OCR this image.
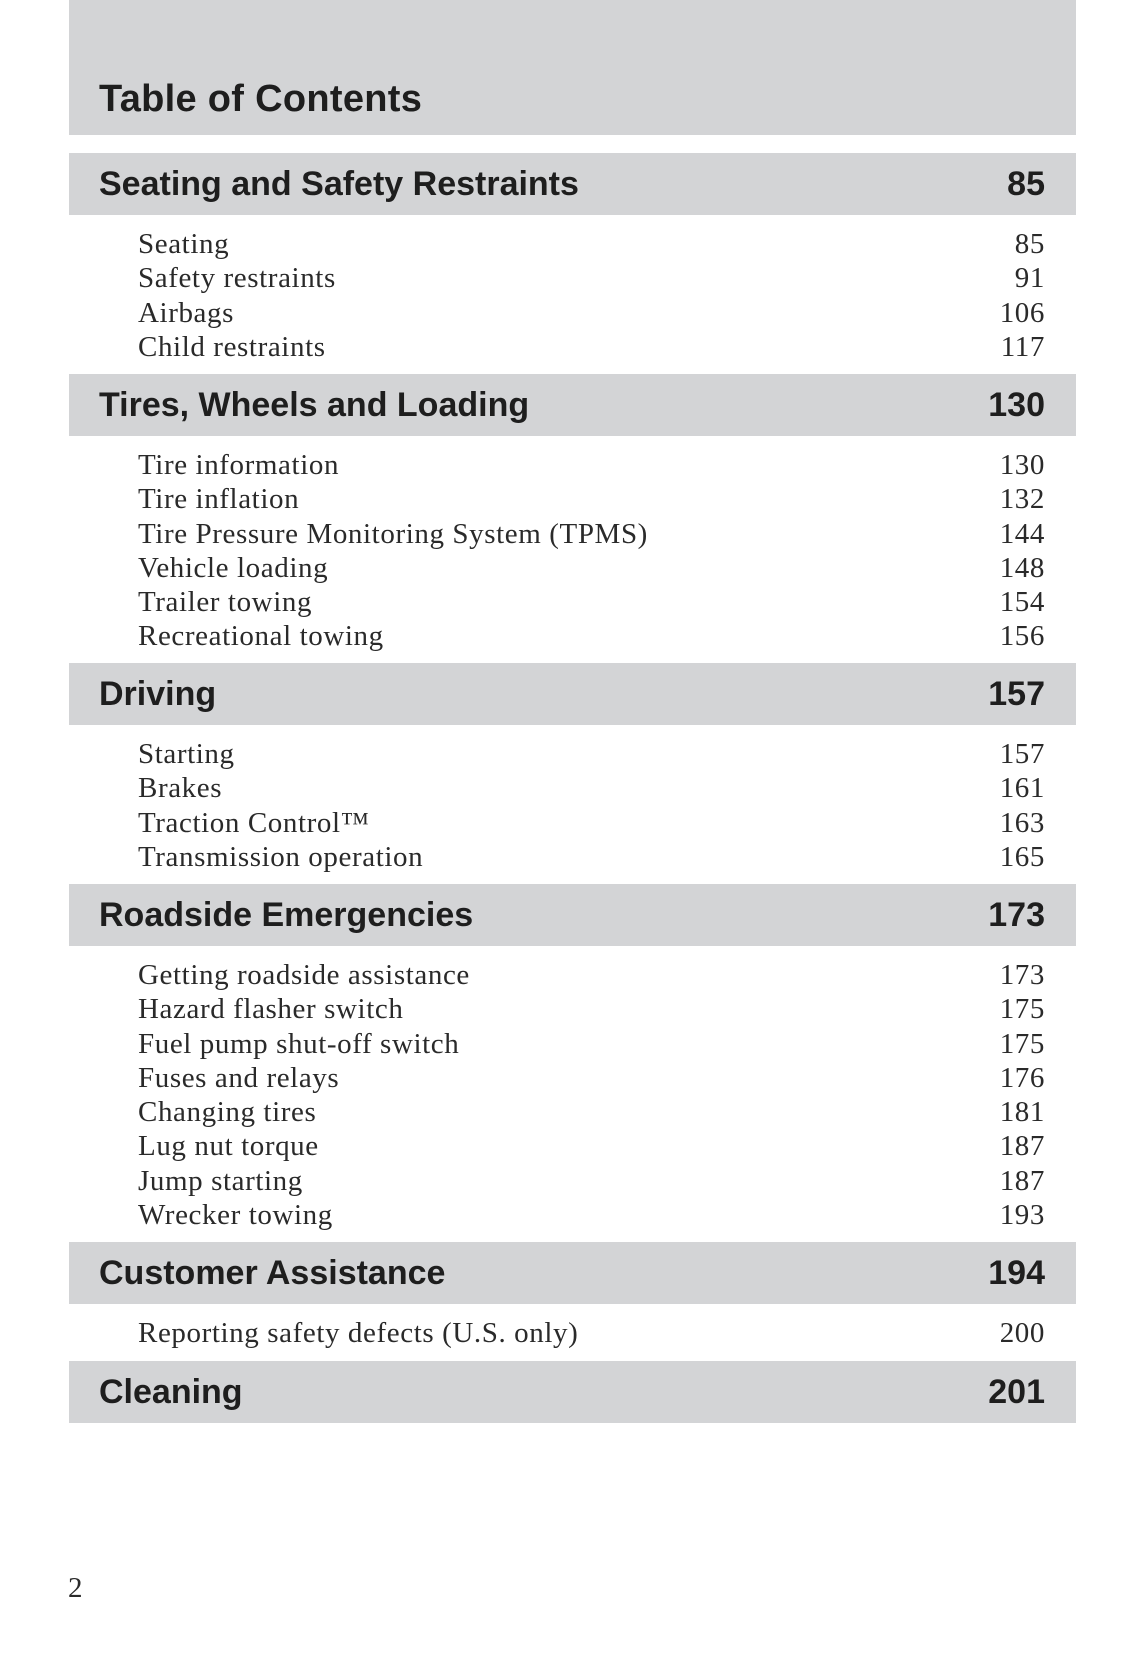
Table of Contents
Seating and Safety Restraints	85
Seating	85
Safety restraints	91
Airbags	106
Child restraints	117
Tires, Wheels and Loading	130
Tire information	130
Tire inflation	132
Tire Pressure Monitoring System (TPMS)	144
Vehicle loading	148
Trailer towing	154
Recreational towing	156
Driving	157
Starting	157
Brakes	161
Traction Control™	163
Transmission operation	165
Roadside Emergencies	173
Getting roadside assistance	173
Hazard flasher switch	175
Fuel pump shut-off switch	175
Fuses and relays	176
Changing tires	181
Lug nut torque	187
Jump starting	187
Wrecker towing	193
Customer Assistance	194
Reporting safety defects (U.S. only)	200
Cleaning	201
2
